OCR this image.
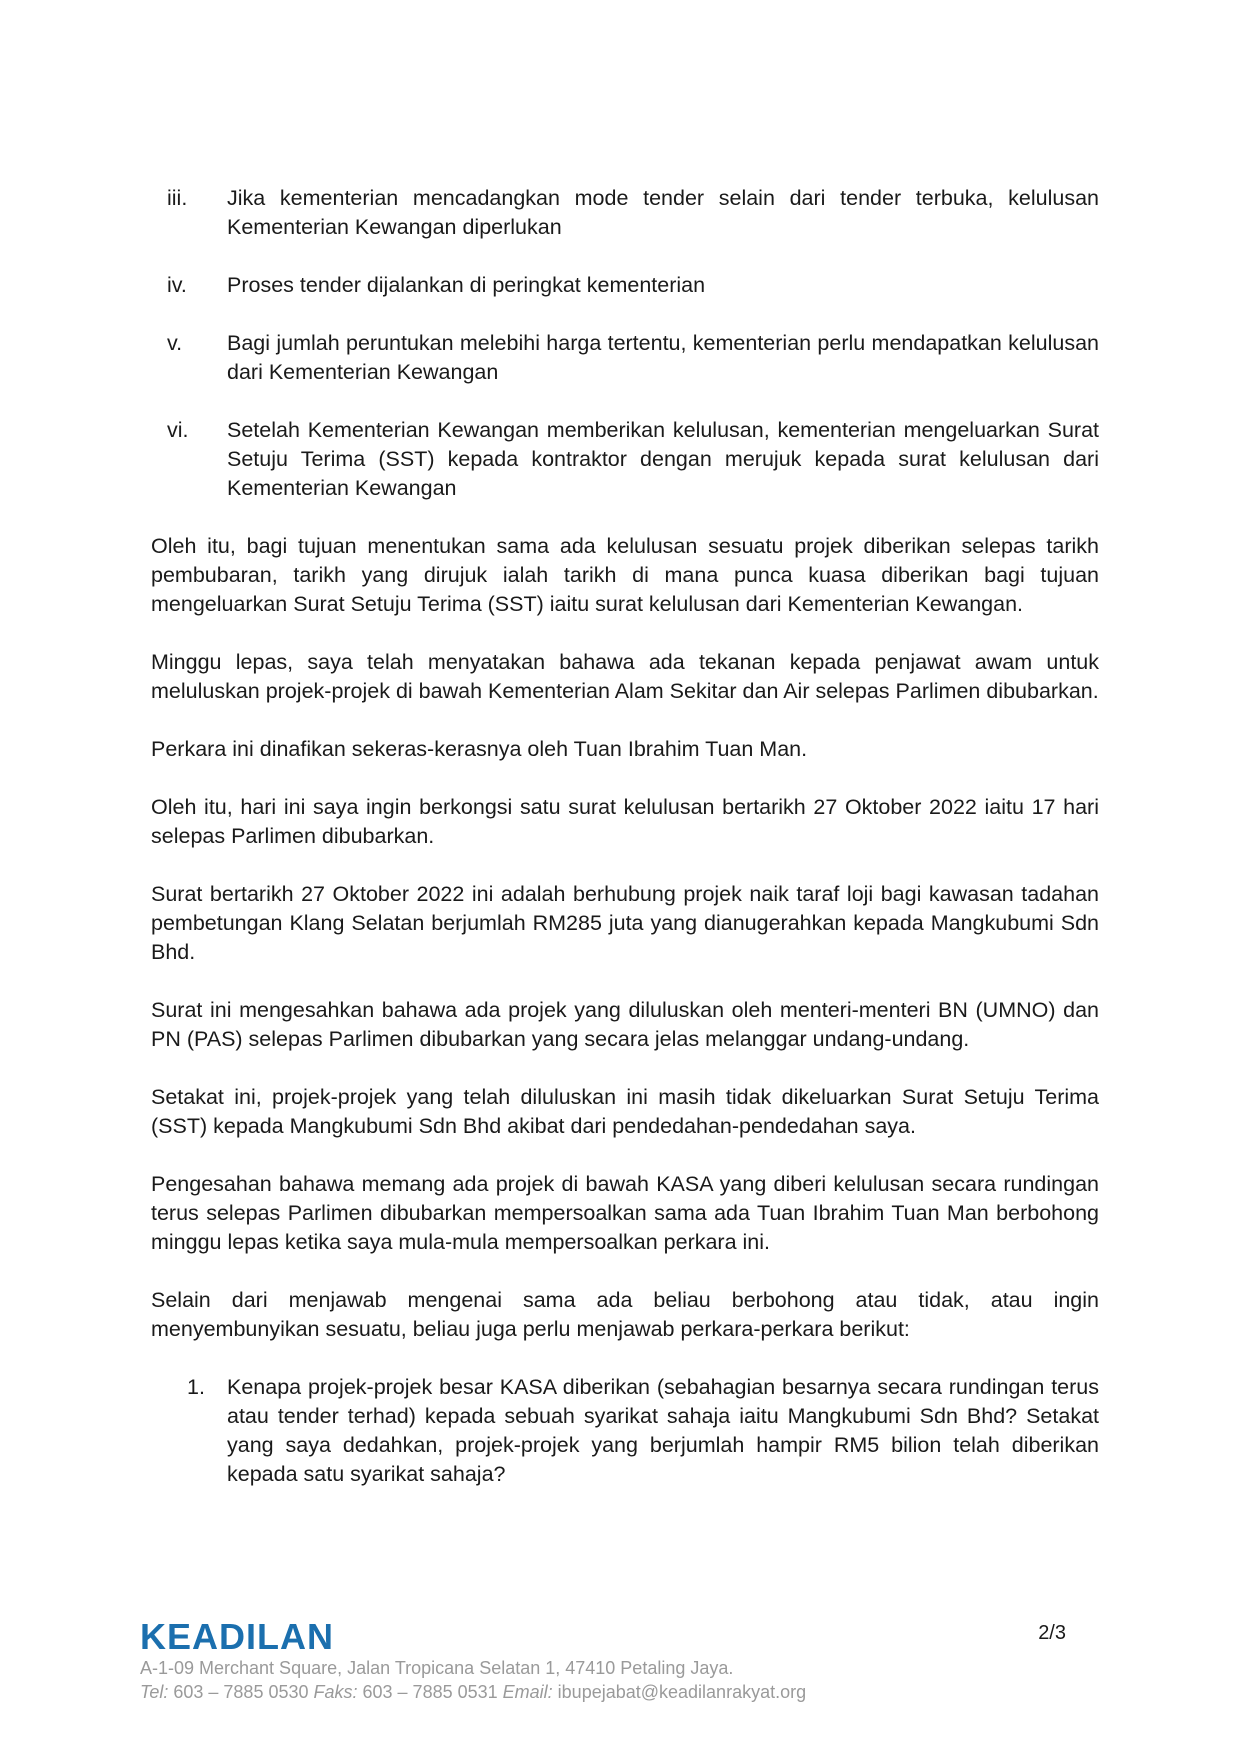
iii.	Jika kementerian mencadangkan mode tender selain dari tender terbuka, kelulusan Kementerian Kewangan diperlukan
iv.	Proses tender dijalankan di peringkat kementerian
v.	Bagi jumlah peruntukan melebihi harga tertentu, kementerian perlu mendapatkan kelulusan dari Kementerian Kewangan
vi.	Setelah Kementerian Kewangan memberikan kelulusan, kementerian mengeluarkan Surat Setuju Terima (SST) kepada kontraktor dengan merujuk kepada surat kelulusan dari Kementerian Kewangan

Oleh itu, bagi tujuan menentukan sama ada kelulusan sesuatu projek diberikan selepas tarikh pembubaran, tarikh yang dirujuk ialah tarikh di mana punca kuasa diberikan bagi tujuan mengeluarkan Surat Setuju Terima (SST) iaitu surat kelulusan dari Kementerian Kewangan.

Minggu lepas, saya telah menyatakan bahawa ada tekanan kepada penjawat awam untuk meluluskan projek-projek di bawah Kementerian Alam Sekitar dan Air selepas Parlimen dibubarkan.

Perkara ini dinafikan sekeras-kerasnya oleh Tuan Ibrahim Tuan Man.

Oleh itu, hari ini saya ingin berkongsi satu surat kelulusan bertarikh 27 Oktober 2022 iaitu 17 hari selepas Parlimen dibubarkan.

Surat bertarikh 27 Oktober 2022 ini adalah berhubung projek naik taraf loji bagi kawasan tadahan pembetungan Klang Selatan berjumlah RM285 juta yang dianugerahkan kepada Mangkubumi Sdn Bhd.

Surat ini mengesahkan bahawa ada projek yang diluluskan oleh menteri-menteri BN (UMNO) dan PN (PAS) selepas Parlimen dibubarkan yang secara jelas melanggar undang-undang.

Setakat ini, projek-projek yang telah diluluskan ini masih tidak dikeluarkan Surat Setuju Terima (SST) kepada Mangkubumi Sdn Bhd akibat dari pendedahan-pendedahan saya.

Pengesahan bahawa memang ada projek di bawah KASA yang diberi kelulusan secara rundingan terus selepas Parlimen dibubarkan mempersoalkan sama ada Tuan Ibrahim Tuan Man berbohong minggu lepas ketika saya mula-mula mempersoalkan perkara ini.

Selain dari menjawab mengenai sama ada beliau berbohong atau tidak, atau ingin menyembunyikan sesuatu, beliau juga perlu menjawab perkara-perkara berikut:

1.	Kenapa projek-projek besar KASA diberikan (sebahagian besarnya secara rundingan terus atau tender terhad) kepada sebuah syarikat sahaja iaitu Mangkubumi Sdn Bhd? Setakat yang saya dedahkan, projek-projek yang berjumlah hampir RM5 bilion telah diberikan kepada satu syarikat sahaja?
KEADILAN
A-1-09 Merchant Square, Jalan Tropicana Selatan 1, 47410 Petaling Jaya.
Tel: 603 – 7885 0530 Faks: 603 – 7885 0531 Email: ibupejabat@keadilanrakyat.org
2/3
